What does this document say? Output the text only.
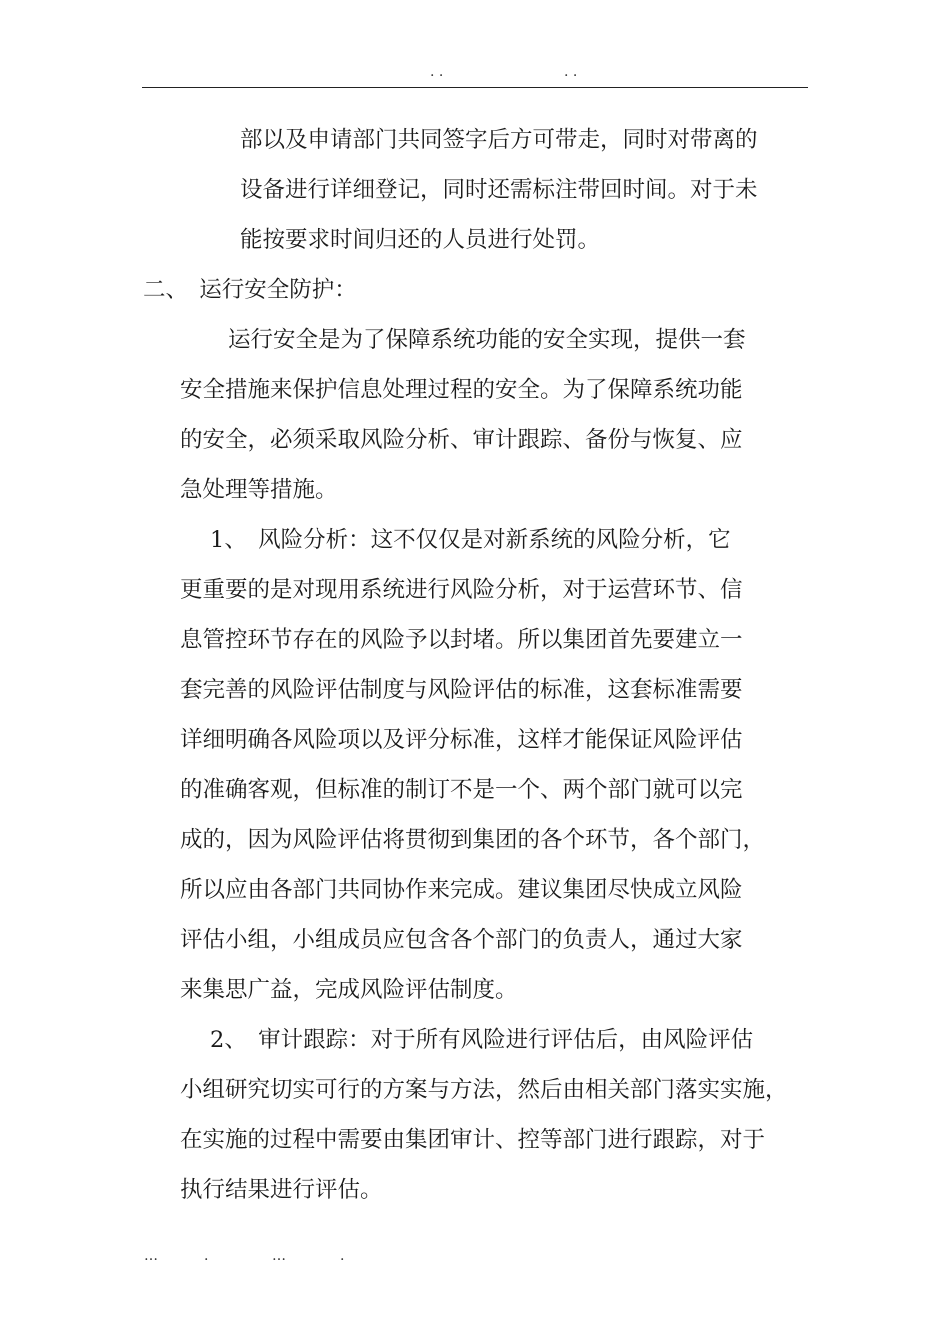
. .	. .
部以及申请部门共同签字后方可带走，同时对带离的
设备进行详细登记，同时还需标注带回时间。对于未
能按要求时间归还的人员进行处罚。
二、　运行安全防护：
运行安全是为了保障系统功能的安全实现，提供一套
安全措施来保护信息处理过程的安全。为了保障系统功能
的安全，必须采取风险分析、审计跟踪、备份与恢复、应
急处理等措施。
1、　风险分析：这不仅仅是对新系统的风险分析，它
更重要的是对现用系统进行风险分析，对于运营环节、信
息管控环节存在的风险予以封堵。所以集团首先要建立一
套完善的风险评估制度与风险评估的标准，这套标准需要
详细明确各风险项以及评分标准，这样才能保证风险评估
的准确客观，但标准的制订不是一个、两个部门就可以完
成的，因为风险评估将贯彻到集团的各个环节，各个部门，
所以应由各部门共同协作来完成。建议集团尽快成立风险
评估小组，小组成员应包含各个部门的负责人，通过大家
来集思广益，完成风险评估制度。
2、　审计跟踪：对于所有风险进行评估后，由风险评估
小组研究切实可行的方案与方法，然后由相关部门落实实施，
在实施的过程中需要由集团审计、控等部门进行跟踪，对于
执行结果进行评估。
…	.	…	.
